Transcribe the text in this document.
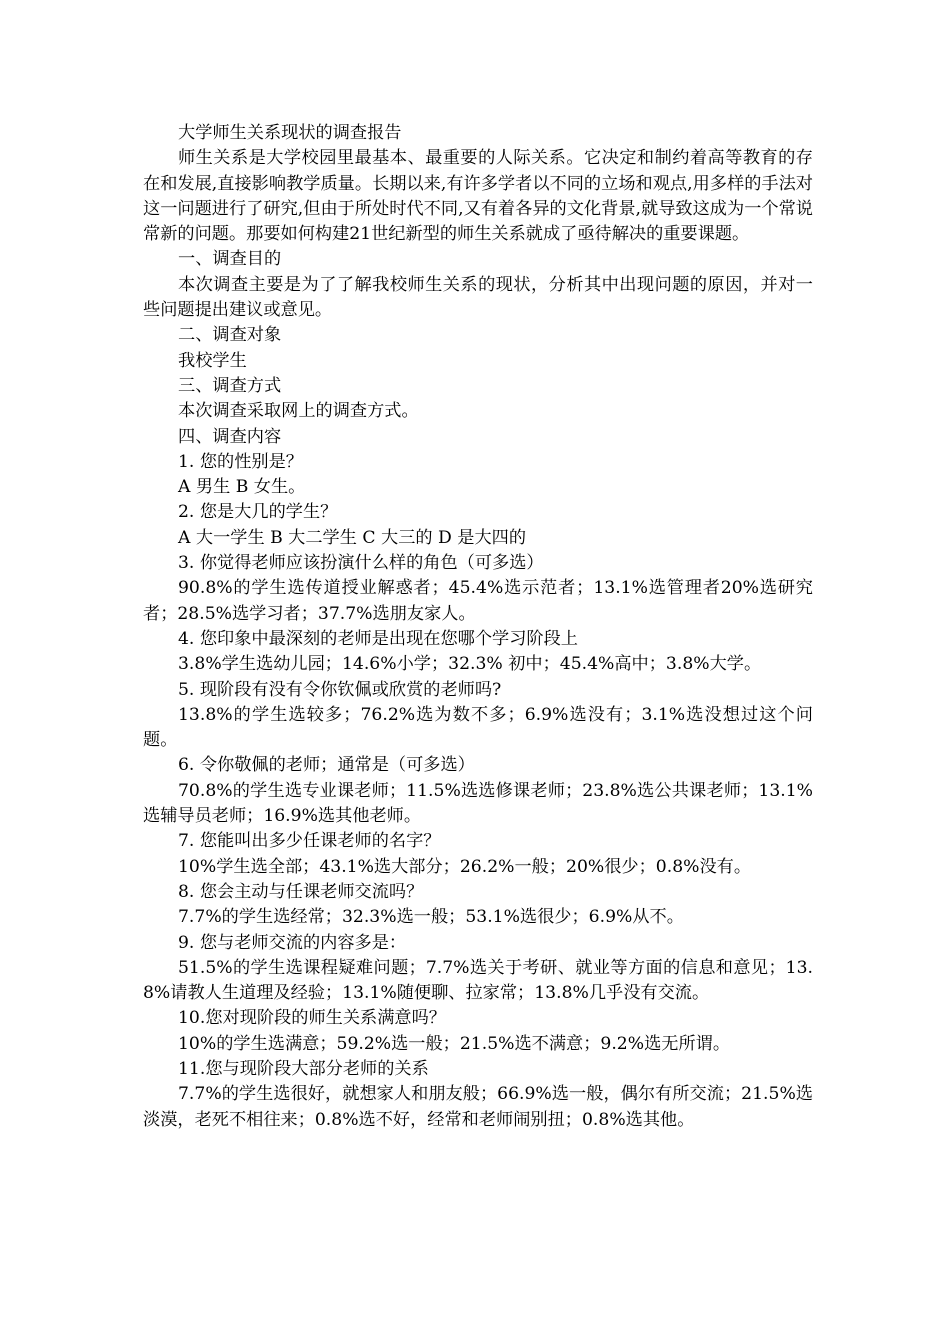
大学师生关系现状的调查报告

师生关系是大学校园里最基本、最重要的人际关系。它决定和制约着高等教育的存在和发展,直接影响教学质量。长期以来,有许多学者以不同的立场和观点,用多样的手法对这一问题进行了研究,但由于所处时代不同,又有着各异的文化背景,就导致这成为一个常说常新的问题。那要如何构建21世纪新型的师生关系就成了亟待解决的重要课题。

一、调查目的

本次调查主要是为了了解我校师生关系的现状，分析其中出现问题的原因，并对一些问题提出建议或意见。

二、调查对象

我校学生

三、调查方式

本次调查采取网上的调查方式。

四、调查内容

1. 您的性别是？

A 男生 B 女生。

2. 您是大几的学生？

A 大一学生 B 大二学生 C 大三的 D 是大四的

3. 你觉得老师应该扮演什么样的角色（可多选）

90.8%的学生选传道授业解惑者；45.4%选示范者；13.1%选管理者20%选研究者；28.5%选学习者；37.7%选朋友家人。

4. 您印象中最深刻的老师是出现在您哪个学习阶段上

3.8%学生选幼儿园；14.6%小学；32.3% 初中；45.4%高中；3.8%大学。

5. 现阶段有没有令你钦佩或欣赏的老师吗?

13.8%的学生选较多；76.2%选为数不多；6.9%选没有；3.1%选没想过这个问题。

6. 令你敬佩的老师；通常是（可多选）

70.8%的学生选专业课老师；11.5%选选修课老师；23.8%选公共课老师；13.1%选辅导员老师；16.9%选其他老师。

7. 您能叫出多少任课老师的名字？

10%学生选全部；43.1%选大部分；26.2%一般；20%很少；0.8%没有。

8. 您会主动与任课老师交流吗？

7.7%的学生选经常；32.3%选一般；53.1%选很少；6.9%从不。

9. 您与老师交流的内容多是：

51.5%的学生选课程疑难问题；7.7%选关于考研、就业等方面的信息和意见；13.8%请教人生道理及经验；13.1%随便聊、拉家常；13.8%几乎没有交流。

10.您对现阶段的师生关系满意吗？

10%的学生选满意；59.2%选一般；21.5%选不满意；9.2%选无所谓。

11.您与现阶段大部分老师的关系

7.7%的学生选很好，就想家人和朋友般；66.9%选一般，偶尔有所交流；21.5%选淡漠，老死不相往来；0.8%选不好，经常和老师闹别扭；0.8%选其他。
